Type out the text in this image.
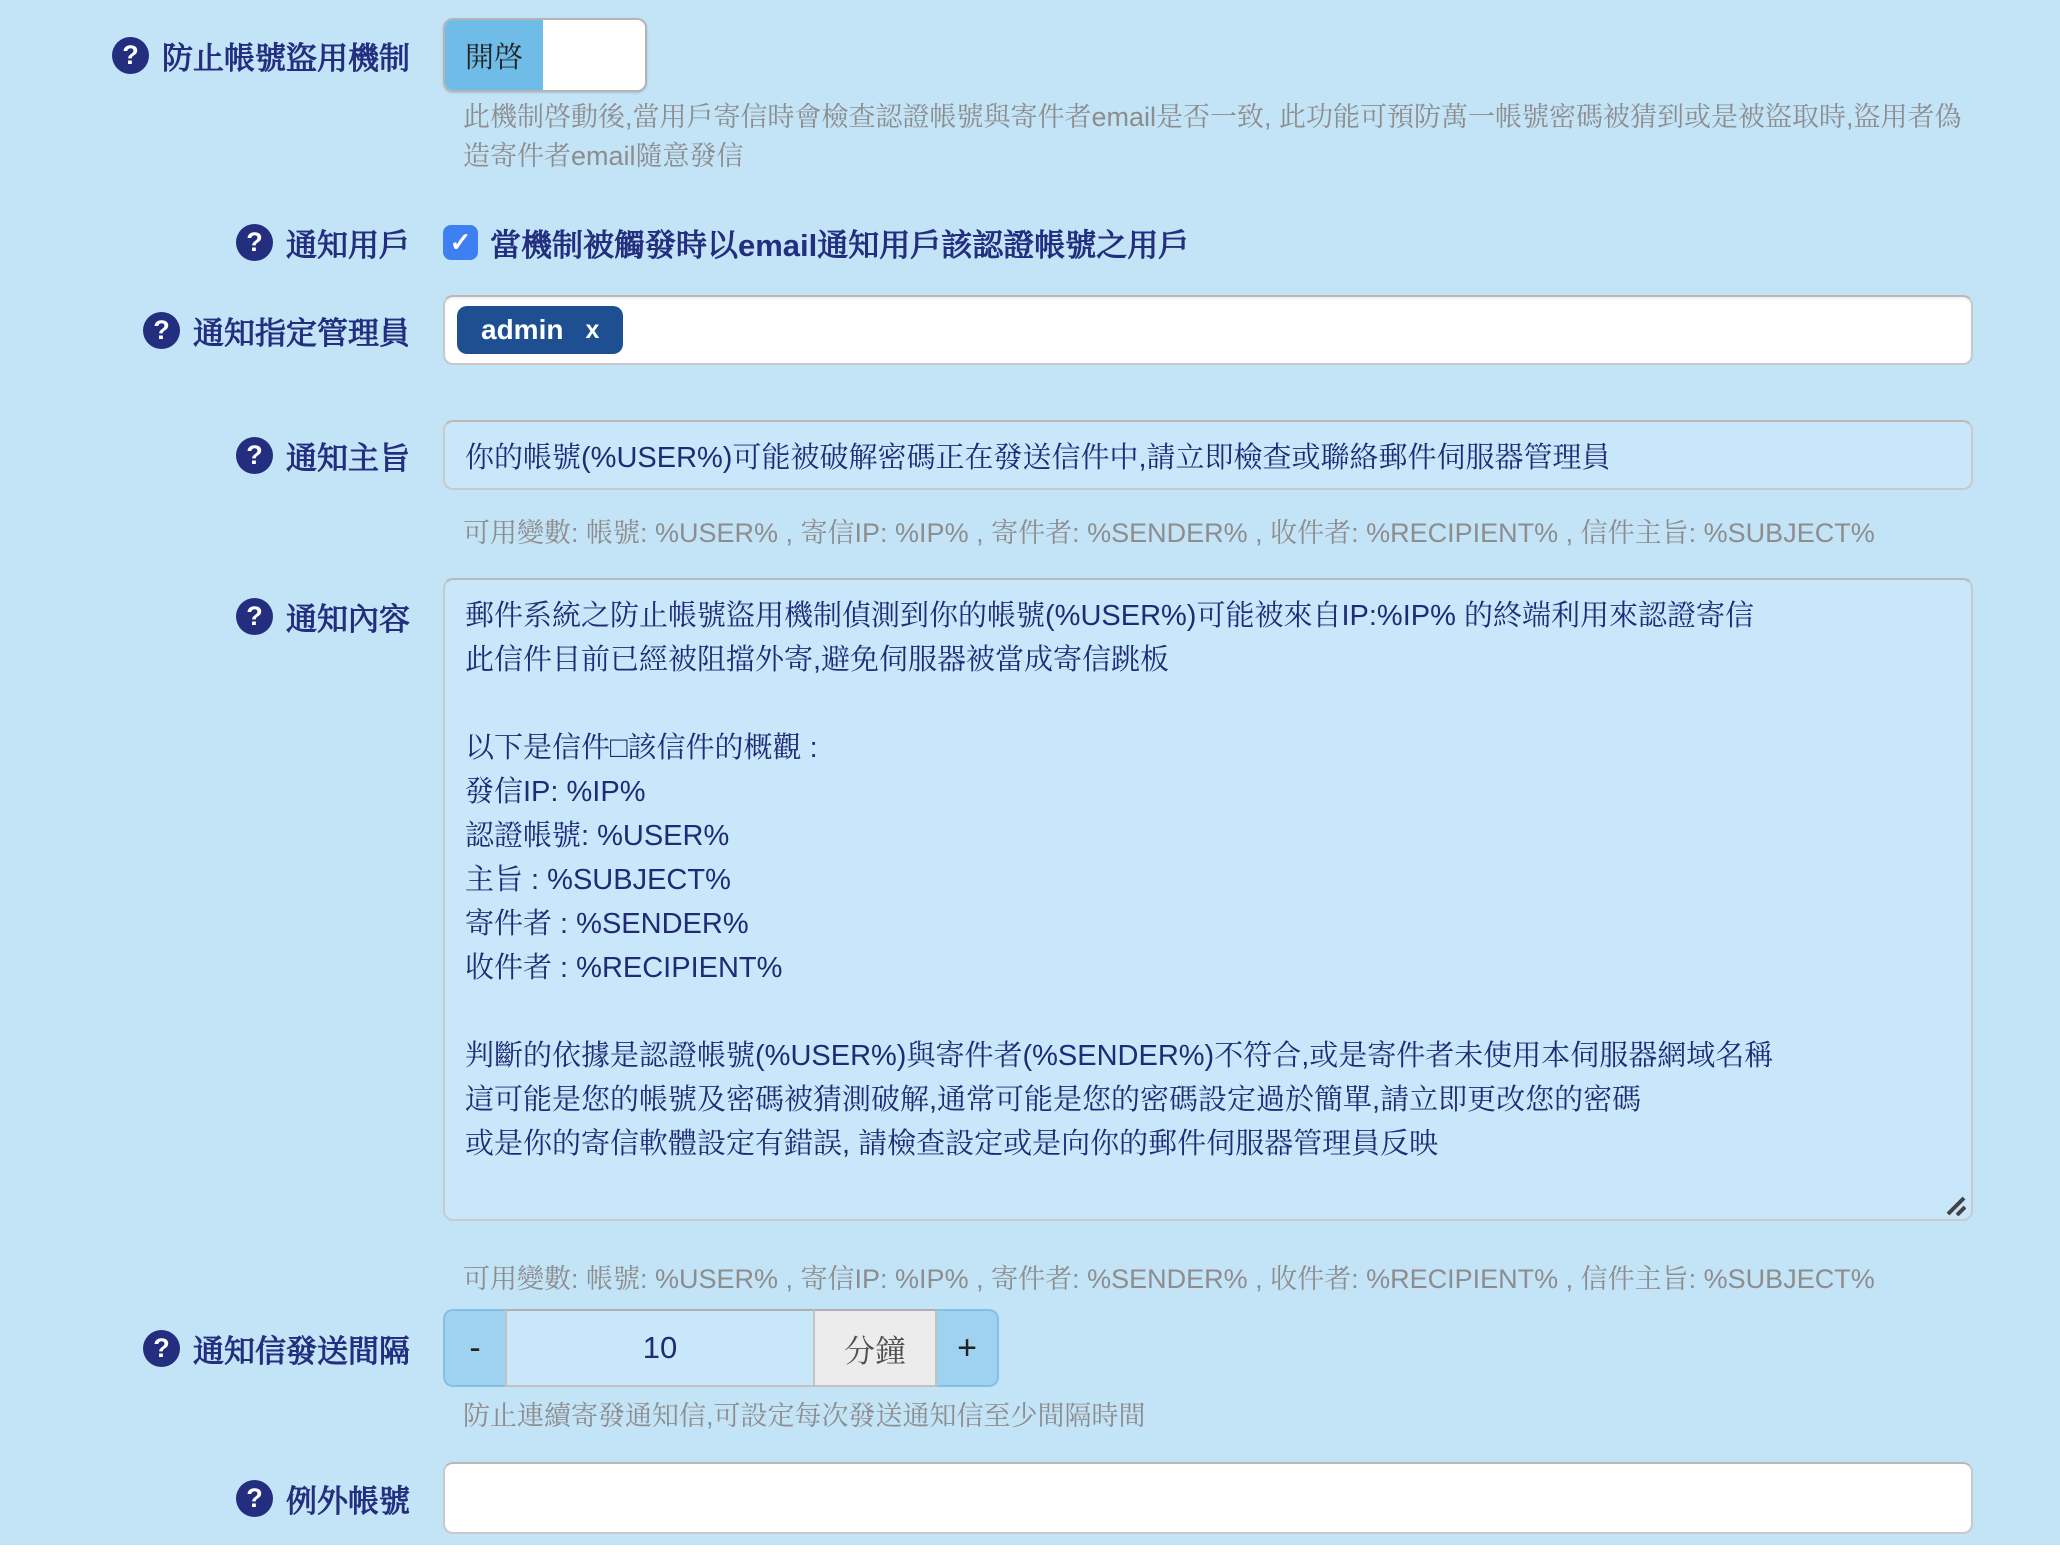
? 防止帳號盜用機制	開啓
此機制啓動後,當用戶寄信時會檢查認證帳號與寄件者email是否一致, 此功能可預防萬一帳號密碼被猜到或是被盜取時,盜用者偽造寄件者email隨意發信
? 通知用戶 ✓ 當機制被觸發時以email通知用戶該認證帳號之用戶
? 通知指定管理員	admin x
? 通知主旨
你的帳號(%USER%)可能被破解密碼正在發送信件中,請立即檢查或聯絡郵件伺服器管理員
可用變數: 帳號: %USER% , 寄信IP: %IP% , 寄件者: %SENDER% , 收件者: %RECIPIENT% , 信件主旨: %SUBJECT%
? 通知內容
郵件系統之防止帳號盜用機制偵測到你的帳號(%USER%)可能被來自IP:%IP% 的終端利用來認證寄信 此信件目前已經被阻擋外寄,避免伺服器被當成寄信跳板 以下是信件□該信件的概觀 : 發信IP: %IP% 認證帳號: %USER% 主旨 : %SUBJECT% 寄件者 : %SENDER% 收件者 : %RECIPIENT% 判斷的依據是認證帳號(%USER%)與寄件者(%SENDER%)不符合,或是寄件者未使用本伺服器網域名稱 這可能是您的帳號及密碼被猜測破解,通常可能是您的密碼設定過於簡單,請立即更改您的密碼 或是你的寄信軟體設定有錯誤, 請檢查設定或是向你的郵件伺服器管理員反映
可用變數: 帳號: %USER% , 寄信IP: %IP% , 寄件者: %SENDER% , 收件者: %RECIPIENT% , 信件主旨: %SUBJECT%
? 通知信發送間隔	-	10	分鐘	+
防止連續寄發通知信,可設定每次發送通知信至少間隔時間
? 例外帳號
